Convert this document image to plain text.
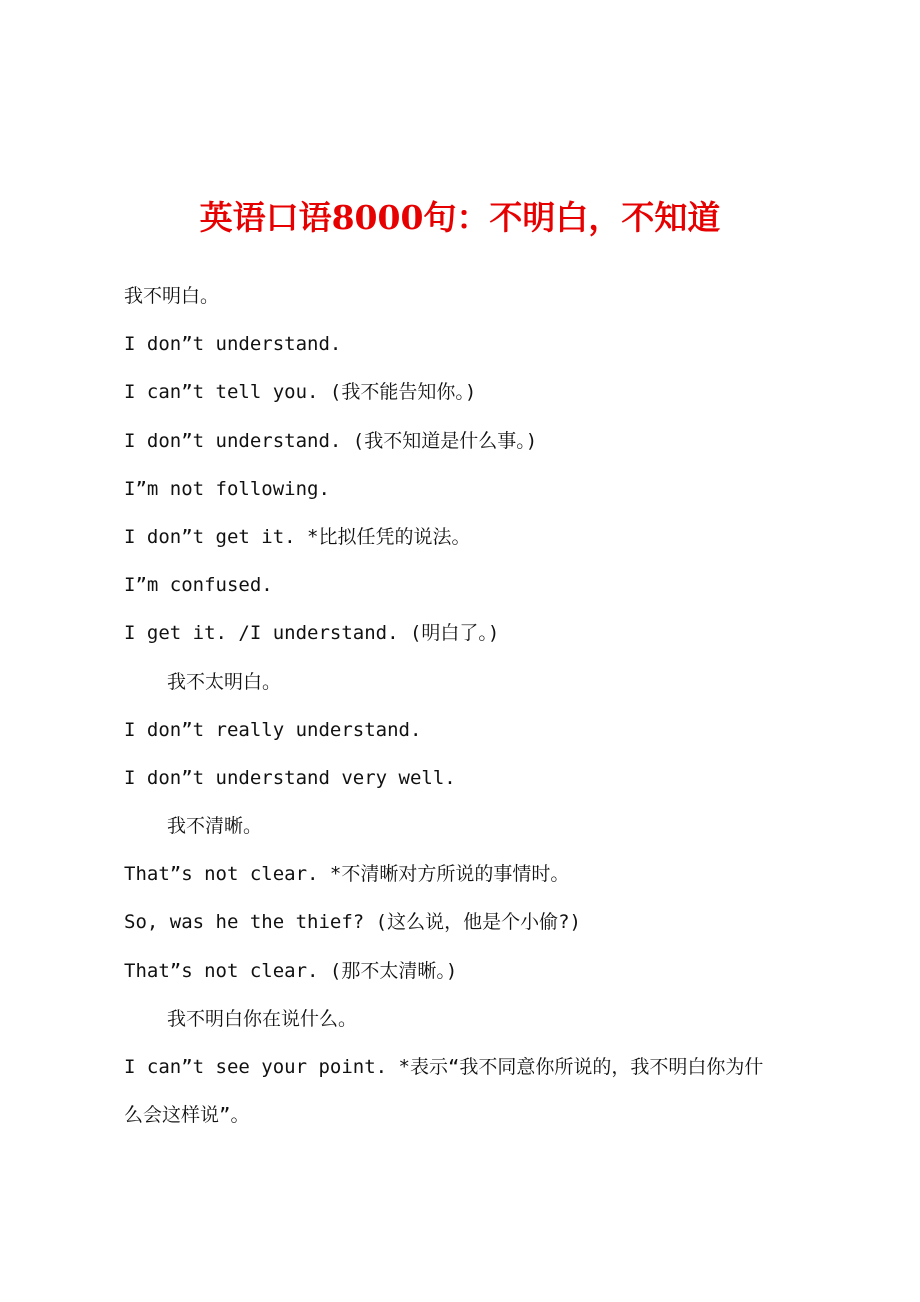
英语口语8000句：不明白，不知道

我不明白。

I don”t understand.

I can”t tell you. (我不能告知你。)

I don”t understand. (我不知道是什么事。)

I”m not following.

I don”t get it. *比拟任凭的说法。

I”m confused.

I get it. /I understand. (明白了。)

我不太明白。

I don”t really understand.

I don”t understand very well.

我不清晰。

That”s not clear. *不清晰对方所说的事情时。

So, was he the thief? (这么说，他是个小偷?)

That”s not clear. (那不太清晰。)

我不明白你在说什么。

I can”t see your point. *表示“我不同意你所说的，我不明白你为什

么会这样说”。
